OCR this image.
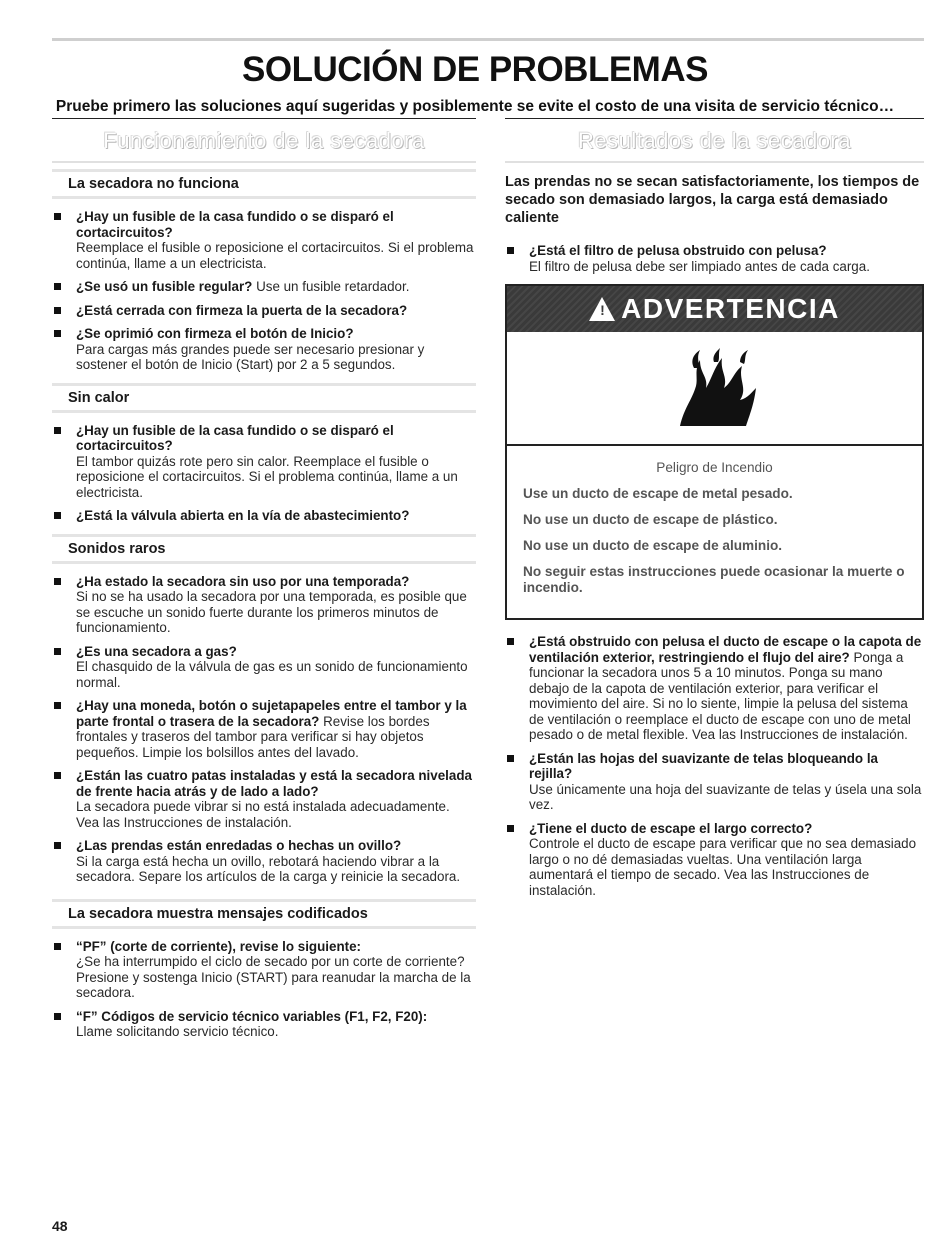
SOLUCIÓN DE PROBLEMAS
Pruebe primero las soluciones aquí sugeridas y posiblemente se evite el costo de una visita de servicio técnico…
Funcionamiento de la secadora
La secadora no funciona
¿Hay un fusible de la casa fundido o se disparó el cortacircuitos?
Reemplace el fusible o reposicione el cortacircuitos. Si el problema continúa, llame a un electricista.
¿Se usó un fusible regular? Use un fusible retardador.
¿Está cerrada con firmeza la puerta de la secadora?
¿Se oprimió con firmeza el botón de Inicio?
Para cargas más grandes puede ser necesario presionar y sostener el botón de Inicio (Start) por 2 a 5 segundos.
Sin calor
¿Hay un fusible de la casa fundido o se disparó el cortacircuitos?
El tambor quizás rote pero sin calor. Reemplace el fusible o reposicione el cortacircuitos. Si el problema continúa, llame a un electricista.
¿Está la válvula abierta en la vía de abastecimiento?
Sonidos raros
¿Ha estado la secadora sin uso por una temporada?
Si no se ha usado la secadora por una temporada, es posible que se escuche un sonido fuerte durante los primeros minutos de funcionamiento.
¿Es una secadora a gas?
El chasquido de la válvula de gas es un sonido de funcionamiento normal.
¿Hay una moneda, botón o sujetapapeles entre el tambor y la parte frontal o trasera de la secadora? Revise los bordes frontales y traseros del tambor para verificar si hay objetos pequeños. Limpie los bolsillos antes del lavado.
¿Están las cuatro patas instaladas y está la secadora nivelada de frente hacia atrás y de lado a lado?
La secadora puede vibrar si no está instalada adecuadamente. Vea las Instrucciones de instalación.
¿Las prendas están enredadas o hechas un ovillo?
Si la carga está hecha un ovillo, rebotará haciendo vibrar a la secadora. Separe los artículos de la carga y reinicie la secadora.
La secadora muestra mensajes codificados
“PF” (corte de corriente), revise lo siguiente:
¿Se ha interrumpido el ciclo de secado por un corte de corriente? Presione y sostenga Inicio (START) para reanudar la marcha de la secadora.
“F” Códigos de servicio técnico variables (F1, F2, F20):
Llame solicitando servicio técnico.
Resultados de la secadora
Las prendas no se secan satisfactoriamente, los tiempos de secado son demasiado largos, la carga está demasiado caliente
¿Está el filtro de pelusa obstruido con pelusa?
El filtro de pelusa debe ser limpiado antes de cada carga.
! ADVERTENCIA
Peligro de Incendio
Use un ducto de escape de metal pesado.
No use un ducto de escape de plástico.
No use un ducto de escape de aluminio.
No seguir estas instrucciones puede ocasionar la muerte o incendio.
¿Está obstruido con pelusa el ducto de escape o la capota de ventilación exterior, restringiendo el flujo del aire? Ponga a funcionar la secadora unos 5 a 10 minutos. Ponga su mano debajo de la capota de ventilación exterior, para verificar el movimiento del aire. Si no lo siente, limpie la pelusa del sistema de ventilación o reemplace el ducto de escape con uno de metal pesado o de metal flexible. Vea las Instrucciones de instalación.
¿Están las hojas del suavizante de telas bloqueando la rejilla?
Use únicamente una hoja del suavizante de telas y úsela una sola vez.
¿Tiene el ducto de escape el largo correcto?
Controle el ducto de escape para verificar que no sea demasiado largo o no dé demasiadas vueltas. Una ventilación larga aumentará el tiempo de secado. Vea las Instrucciones de instalación.
48
